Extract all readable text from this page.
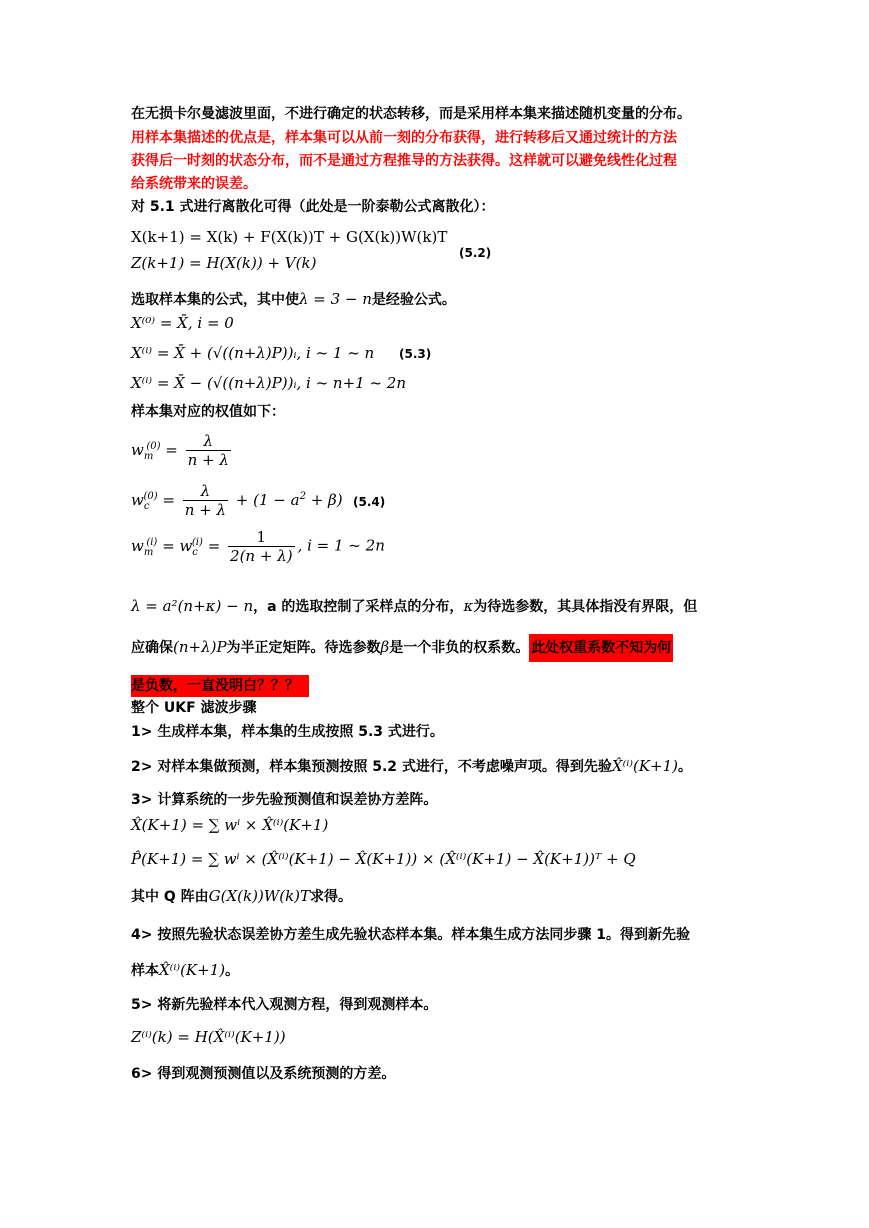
在无损卡尔曼滤波里面，不进行确定的状态转移，而是采用样本集来描述随机变量的分布。
用样本集描述的优点是，样本集可以从前一刻的分布获得，进行转移后又通过统计的方法
获得后一时刻的状态分布，而不是通过方程推导的方法获得。这样就可以避免线性化过程
给系统带来的误差。
对 5.1 式进行离散化可得（此处是一阶泰勒公式离散化）：
X(k+1) = X(k) + F(X(k))T + G(X(k))W(k)T
Z(k+1) = H(X(k)) + V(k)
(5.2)
选取样本集的公式，其中使λ = 3 − n是经验公式。
X⁽⁰⁾ = X̄, i = 0
X⁽ⁱ⁾ = X̄ + (√((n+λ)P))ᵢ, i ~ 1 ~ n (5.3)
X⁽ⁱ⁾ = X̄ − (√((n+λ)P))ᵢ, i ~ n+1 ~ 2n
样本集对应的权值如下：
$w_m^{(0)} = \frac{\lambda}{n + \lambda}$
$w_c^{(0)} = \frac{\lambda}{n + \lambda} + (1 - a^2 + \beta)$ (5.4)
$w_m^{(i)} = w_c^{(i)} = \frac{1}{2(n + \lambda)}$ , i = 1 ~ 2n
λ = a²(n+κ) − n，a 的选取控制了采样点的分布，κ为待选参数，其具体指没有界限，但
应确保(n+λ)P为半正定矩阵。待选参数β是一个非负的权系数。 此处权重系数不知为何
是负数，一直没明白？？？
整个 UKF 滤波步骤
1> 生成样本集，样本集的生成按照 5.3 式进行。
2> 对样本集做预测，样本集预测按照 5.2 式进行，不考虑噪声项。得到先验X̂⁽ⁱ⁾(K+1)。
3> 计算系统的一步先验预测值和误差协方差阵。
X̂(K+1) = ∑ wⁱ × X̂⁽ⁱ⁾(K+1)
P̂(K+1) = ∑ wⁱ × (X̂⁽ⁱ⁾(K+1) − X̂(K+1)) × (X̂⁽ⁱ⁾(K+1) − X̂(K+1))ᵀ + Q
其中 Q 阵由G(X(k))W(k)T求得。
4> 按照先验状态误差协方差生成先验状态样本集。样本集生成方法同步骤 1。得到新先验
样本X̂⁽ⁱ⁾(K+1)。
5> 将新先验样本代入观测方程，得到观测样本。
Z⁽ⁱ⁾(k) = H(X̂⁽ⁱ⁾(K+1))
6> 得到观测预测值以及系统预测的方差。
